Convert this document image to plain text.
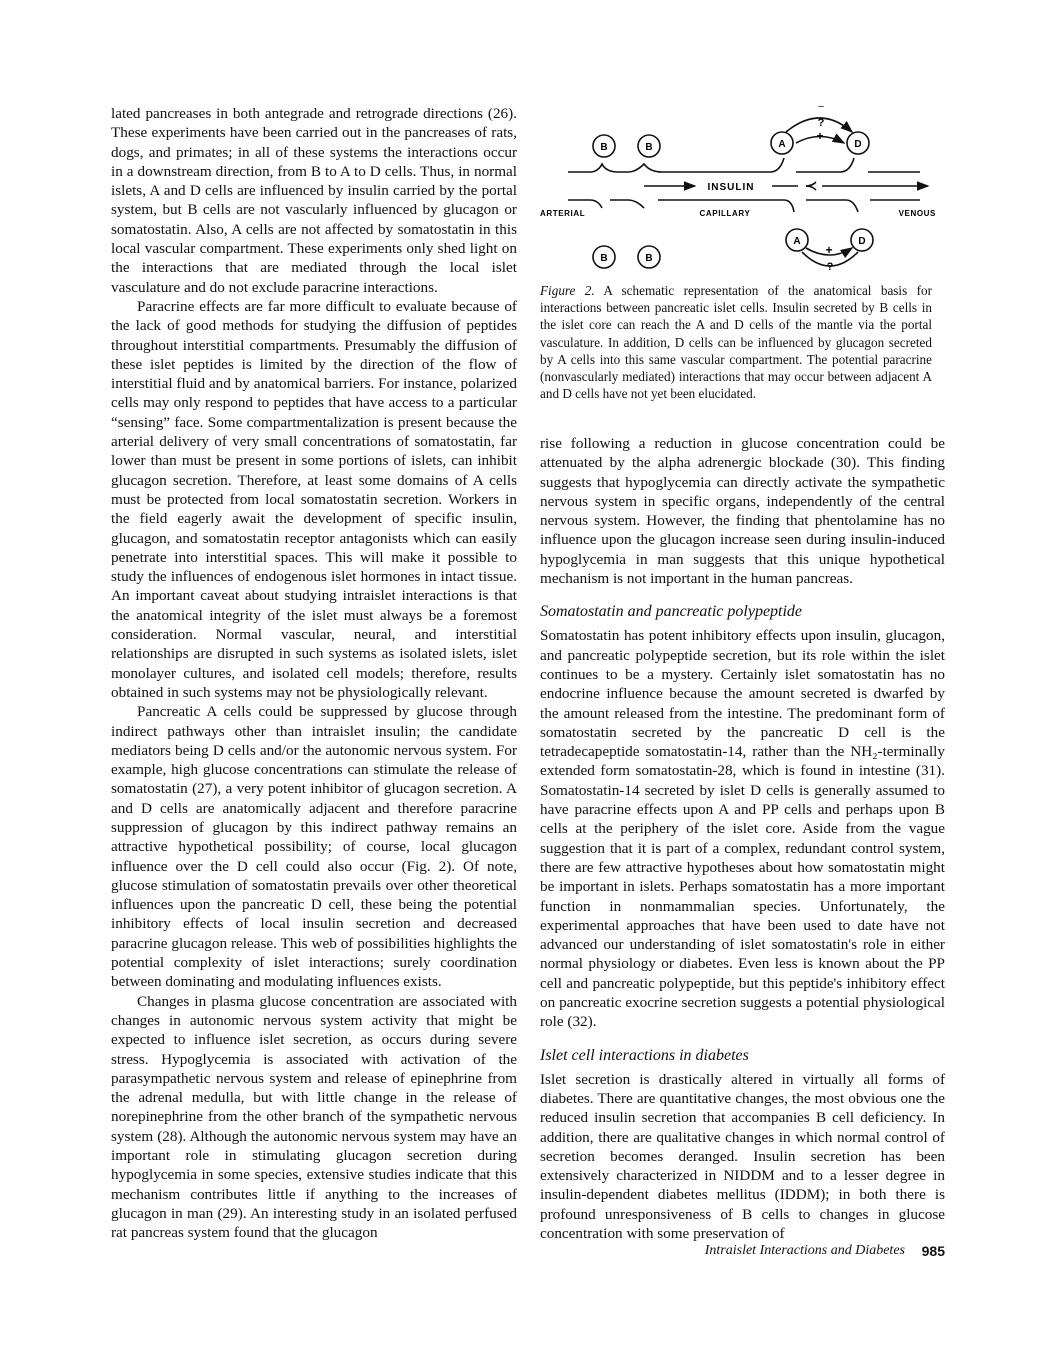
lated pancreases in both antegrade and retrograde directions (26). These experiments have been carried out in the pancreases of rats, dogs, and primates; in all of these systems the interactions occur in a downstream direction, from B to A to D cells. Thus, in normal islets, A and D cells are influenced by insulin carried by the portal system, but B cells are not vascularly influenced by glucagon or somatostatin. Also, A cells are not affected by somatostatin in this local vascular compartment. These experiments only shed light on the interactions that are mediated through the local islet vasculature and do not exclude paracrine interactions.

Paracrine effects are far more difficult to evaluate because of the lack of good methods for studying the diffusion of peptides throughout interstitial compartments. Presumably the diffusion of these islet peptides is limited by the direction of the flow of interstitial fluid and by anatomical barriers. For instance, polarized cells may only respond to peptides that have access to a particular “sensing” face. Some compartmentalization is present because the arterial delivery of very small concentrations of somatostatin, far lower than must be present in some portions of islets, can inhibit glucagon secretion. Therefore, at least some domains of A cells must be protected from local somatostatin secretion. Workers in the field eagerly await the development of specific insulin, glucagon, and somatostatin receptor antagonists which can easily penetrate into interstitial spaces. This will make it possible to study the influences of endogenous islet hormones in intact tissue. An important caveat about studying intraislet interactions is that the anatomical integrity of the islet must always be a foremost consideration. Normal vascular, neural, and interstitial relationships are disrupted in such systems as isolated islets, islet monolayer cultures, and isolated cell models; therefore, results obtained in such systems may not be physiologically relevant.

Pancreatic A cells could be suppressed by glucose through indirect pathways other than intraislet insulin; the candidate mediators being D cells and/or the autonomic nervous system. For example, high glucose concentrations can stimulate the release of somatostatin (27), a very potent inhibitor of glucagon secretion. A and D cells are anatomically adjacent and therefore paracrine suppression of glucagon by this indirect pathway remains an attractive hypothetical possibility; of course, local glucagon influence over the D cell could also occur (Fig. 2). Of note, glucose stimulation of somatostatin prevails over other theoretical influences upon the pancreatic D cell, these being the potential inhibitory effects of local insulin secretion and decreased paracrine glucagon release. This web of possibilities highlights the potential complexity of islet interactions; surely coordination between dominating and modulating influences exists.

Changes in plasma glucose concentration are associated with changes in autonomic nervous system activity that might be expected to influence islet secretion, as occurs during severe stress. Hypoglycemia is associated with activation of the parasympathetic nervous system and release of epinephrine from the adrenal medulla, but with little change in the release of norepinephrine from the other branch of the sympathetic nervous system (28). Although the autonomic nervous system may have an important role in stimulating glucagon secretion during hypoglycemia in some species, extensive studies indicate that this mechanism contributes little if anything to the increases of glucagon in man (29). An interesting study in an isolated perfused rat pancreas system found that the glucagon

B	B	A	D
B	B
A	D
–
?
+
+
?
INSULIN
ARTERIAL	CAPILLARY	VENOUS
Figure 2. A schematic representation of the anatomical basis for interactions between pancreatic islet cells. Insulin secreted by B cells in the islet core can reach the A and D cells of the mantle via the portal vasculature. In addition, D cells can be influenced by glucagon secreted by A cells into this same vascular compartment. The potential paracrine (nonvascularly mediated) interactions that may occur between adjacent A and D cells have not yet been elucidated.

rise following a reduction in glucose concentration could be attenuated by the alpha adrenergic blockade (30). This finding suggests that hypoglycemia can directly activate the sympathetic nervous system in specific organs, independently of the central nervous system. However, the finding that phentolamine has no influence upon the glucagon increase seen during insulin-induced hypoglycemia in man suggests that this unique hypothetical mechanism is not important in the human pancreas.

Somatostatin and pancreatic polypeptide

Somatostatin has potent inhibitory effects upon insulin, glucagon, and pancreatic polypeptide secretion, but its role within the islet continues to be a mystery. Certainly islet somatostatin has no endocrine influence because the amount secreted is dwarfed by the amount released from the intestine. The predominant form of somatostatin secreted by the pancreatic D cell is the tetradecapeptide somatostatin-14, rather than the NH₂-terminally extended form somatostatin-28, which is found in intestine (31). Somatostatin-14 secreted by islet D cells is generally assumed to have paracrine effects upon A and PP cells and perhaps upon B cells at the periphery of the islet core. Aside from the vague suggestion that it is part of a complex, redundant control system, there are few attractive hypotheses about how somatostatin might be important in islets. Perhaps somatostatin has a more important function in nonmammalian species. Unfortunately, the experimental approaches that have been used to date have not advanced our understanding of islet somatostatin's role in either normal physiology or diabetes. Even less is known about the PP cell and pancreatic polypeptide, but this peptide's inhibitory effect on pancreatic exocrine secretion suggests a potential physiological role (32).

Islet cell interactions in diabetes

Islet secretion is drastically altered in virtually all forms of diabetes. There are quantitative changes, the most obvious one the reduced insulin secretion that accompanies B cell deficiency. In addition, there are qualitative changes in which normal control of secretion becomes deranged. Insulin secretion has been extensively characterized in NIDDM and to a lesser degree in insulin-dependent diabetes mellitus (IDDM); in both there is profound unresponsiveness of B cells to changes in glucose concentration with some preservation of

Intraislet Interactions and Diabetes 985
